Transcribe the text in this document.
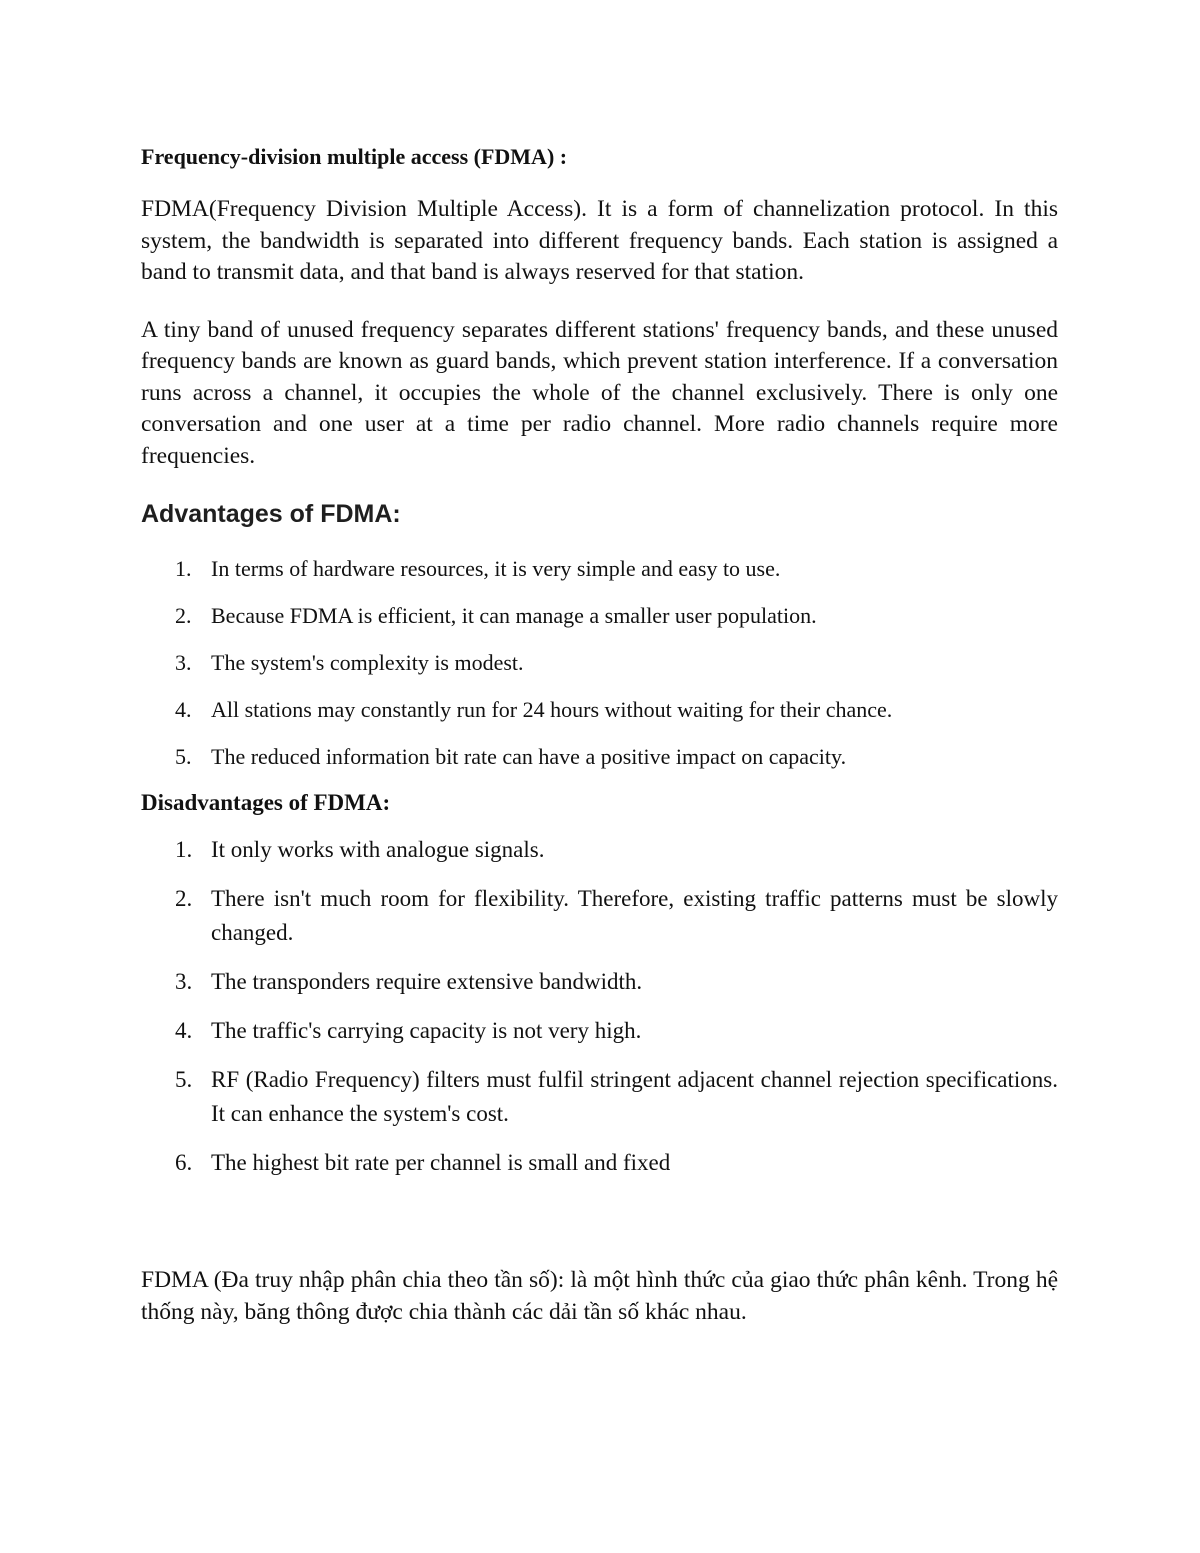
Frequency-division multiple access (FDMA) :

FDMA(Frequency Division Multiple Access). It is a form of channelization protocol. In this system, the bandwidth is separated into different frequency bands. Each station is assigned a band to transmit data, and that band is always reserved for that station.

A tiny band of unused frequency separates different stations' frequency bands, and these unused frequency bands are known as guard bands, which prevent station interference. If a conversation runs across a channel, it occupies the whole of the channel exclusively. There is only one conversation and one user at a time per radio channel. More radio channels require more frequencies.

Advantages of FDMA:
1. In terms of hardware resources, it is very simple and easy to use.
2. Because FDMA is efficient, it can manage a smaller user population.
3. The system's complexity is modest.
4. All stations may constantly run for 24 hours without waiting for their chance.
5. The reduced information bit rate can have a positive impact on capacity.
Disadvantages of FDMA:
1. It only works with analogue signals.
2. There isn't much room for flexibility. Therefore, existing traffic patterns must be slowly changed.
3. The transponders require extensive bandwidth.
4. The traffic's carrying capacity is not very high.
5. RF (Radio Frequency) filters must fulfil stringent adjacent channel rejection specifications. It can enhance the system's cost.
6. The highest bit rate per channel is small and fixed

FDMA (Đa truy nhập phân chia theo tần số): là một hình thức của giao thức phân kênh. Trong hệ thống này, băng thông được chia thành các dải tần số khác nhau.
